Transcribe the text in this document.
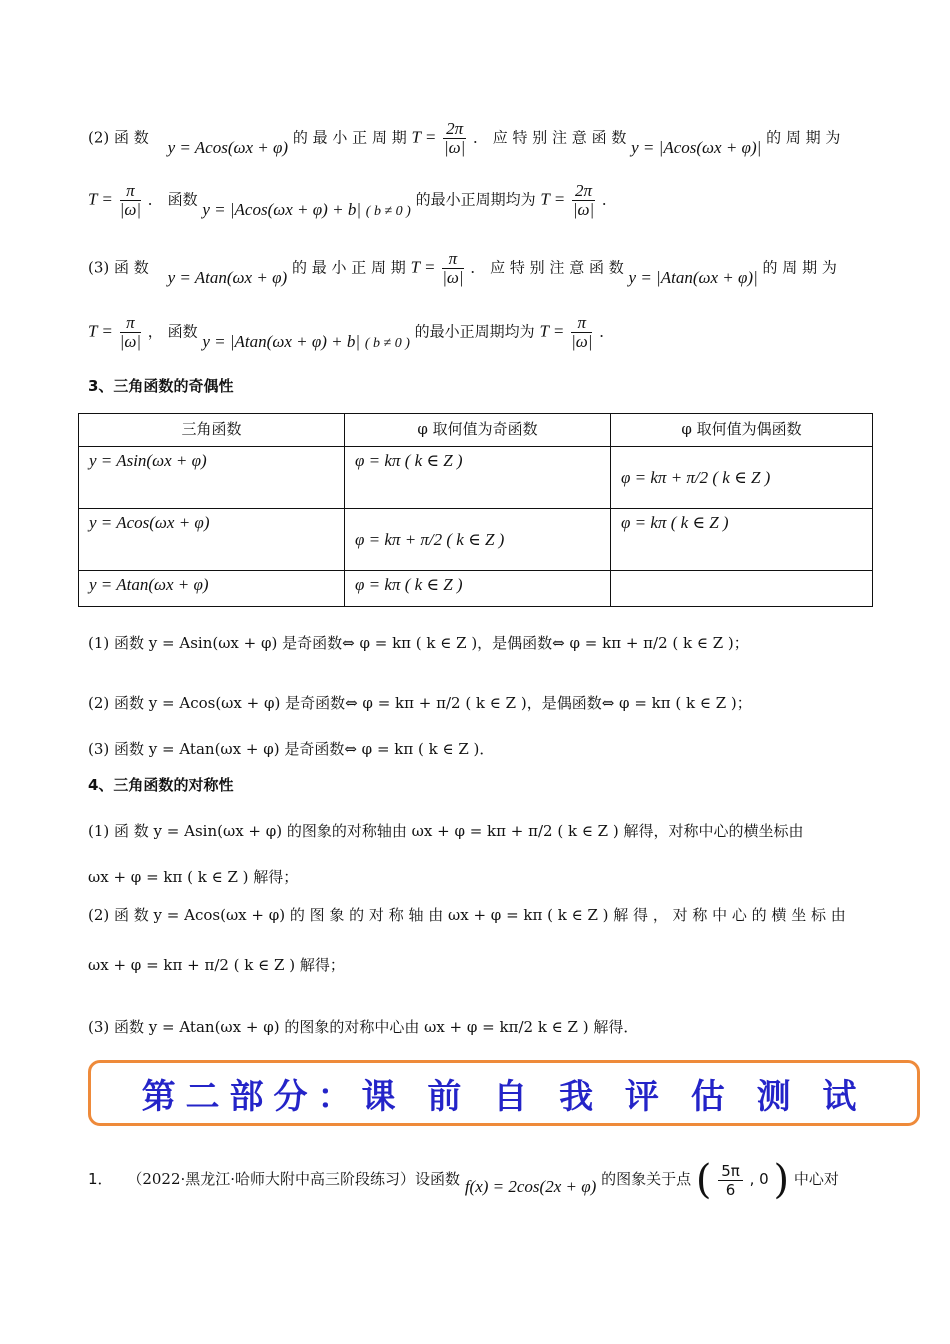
(2) 函 数 y = Acos(ωx + φ) 的 最 小 正 周 期 $T = \frac{2\pi}{|\omega|}$ ． 应 特 别 注 意 函 数 y = |Acos(ωx + φ)| 的 周 期 为
$T = \frac{\pi}{|\omega|}$ ． 函数 y = |Acos(ωx + φ) + b| ( b ≠ 0 ) 的最小正周期均为 $T = \frac{2\pi}{|\omega|}$ ．
(3) 函 数 y = Atan(ωx + φ) 的 最 小 正 周 期 $T = \frac{\pi}{|\omega|}$ ． 应 特 别 注 意 函 数 y = |Atan(ωx + φ)| 的 周 期 为
$T = \frac{\pi}{|\omega|}$ ， 函数 y = |Atan(ωx + φ) + b| ( b ≠ 0 ) 的最小正周期均为 $T = \frac{\pi}{|\omega|}$ ．
3、三角函数的奇偶性
三角函数	φ 取何值为奇函数	φ 取何值为偶函数
y = Asin(ωx + φ)	φ = kπ ( k ∈ Z )	φ = kπ + π/2 ( k ∈ Z )
y = Acos(ωx + φ)	φ = kπ + π/2 ( k ∈ Z )	φ = kπ ( k ∈ Z )
y = Atan(ωx + φ)	φ = kπ ( k ∈ Z )	
(1) 函数 y = Asin(ωx + φ) 是奇函数⇔ φ = kπ ( k ∈ Z )，是偶函数⇔ φ = kπ + π/2 ( k ∈ Z )；
(2) 函数 y = Acos(ωx + φ) 是奇函数⇔ φ = kπ + π/2 ( k ∈ Z )，是偶函数⇔ φ = kπ ( k ∈ Z )；
(3) 函数 y = Atan(ωx + φ) 是奇函数⇔ φ = kπ ( k ∈ Z )．
4、三角函数的对称性
(1) 函 数 y = Asin(ωx + φ) 的图象的对称轴由 ωx + φ = kπ + π/2 ( k ∈ Z ) 解得，对称中心的横坐标由
ωx + φ = kπ ( k ∈ Z ) 解得；
(2) 函 数 y = Acos(ωx + φ) 的 图 象 的 对 称 轴 由 ωx + φ = kπ ( k ∈ Z ) 解 得 ， 对 称 中 心 的 横 坐 标 由
ωx + φ = kπ + π/2 ( k ∈ Z ) 解得；
(3) 函数 y = Atan(ωx + φ) 的图象的对称中心由 ωx + φ = kπ/2 k ∈ Z ) 解得．
第二部分：课 前 自 我 评 估 测 试
1． （2022·黑龙江·哈师大附中高三阶段练习）设函数 f(x) = 2cos(2x + φ) 的图象关于点 ( $\frac{5\pi}{6}$ , 0 ) 中心对
